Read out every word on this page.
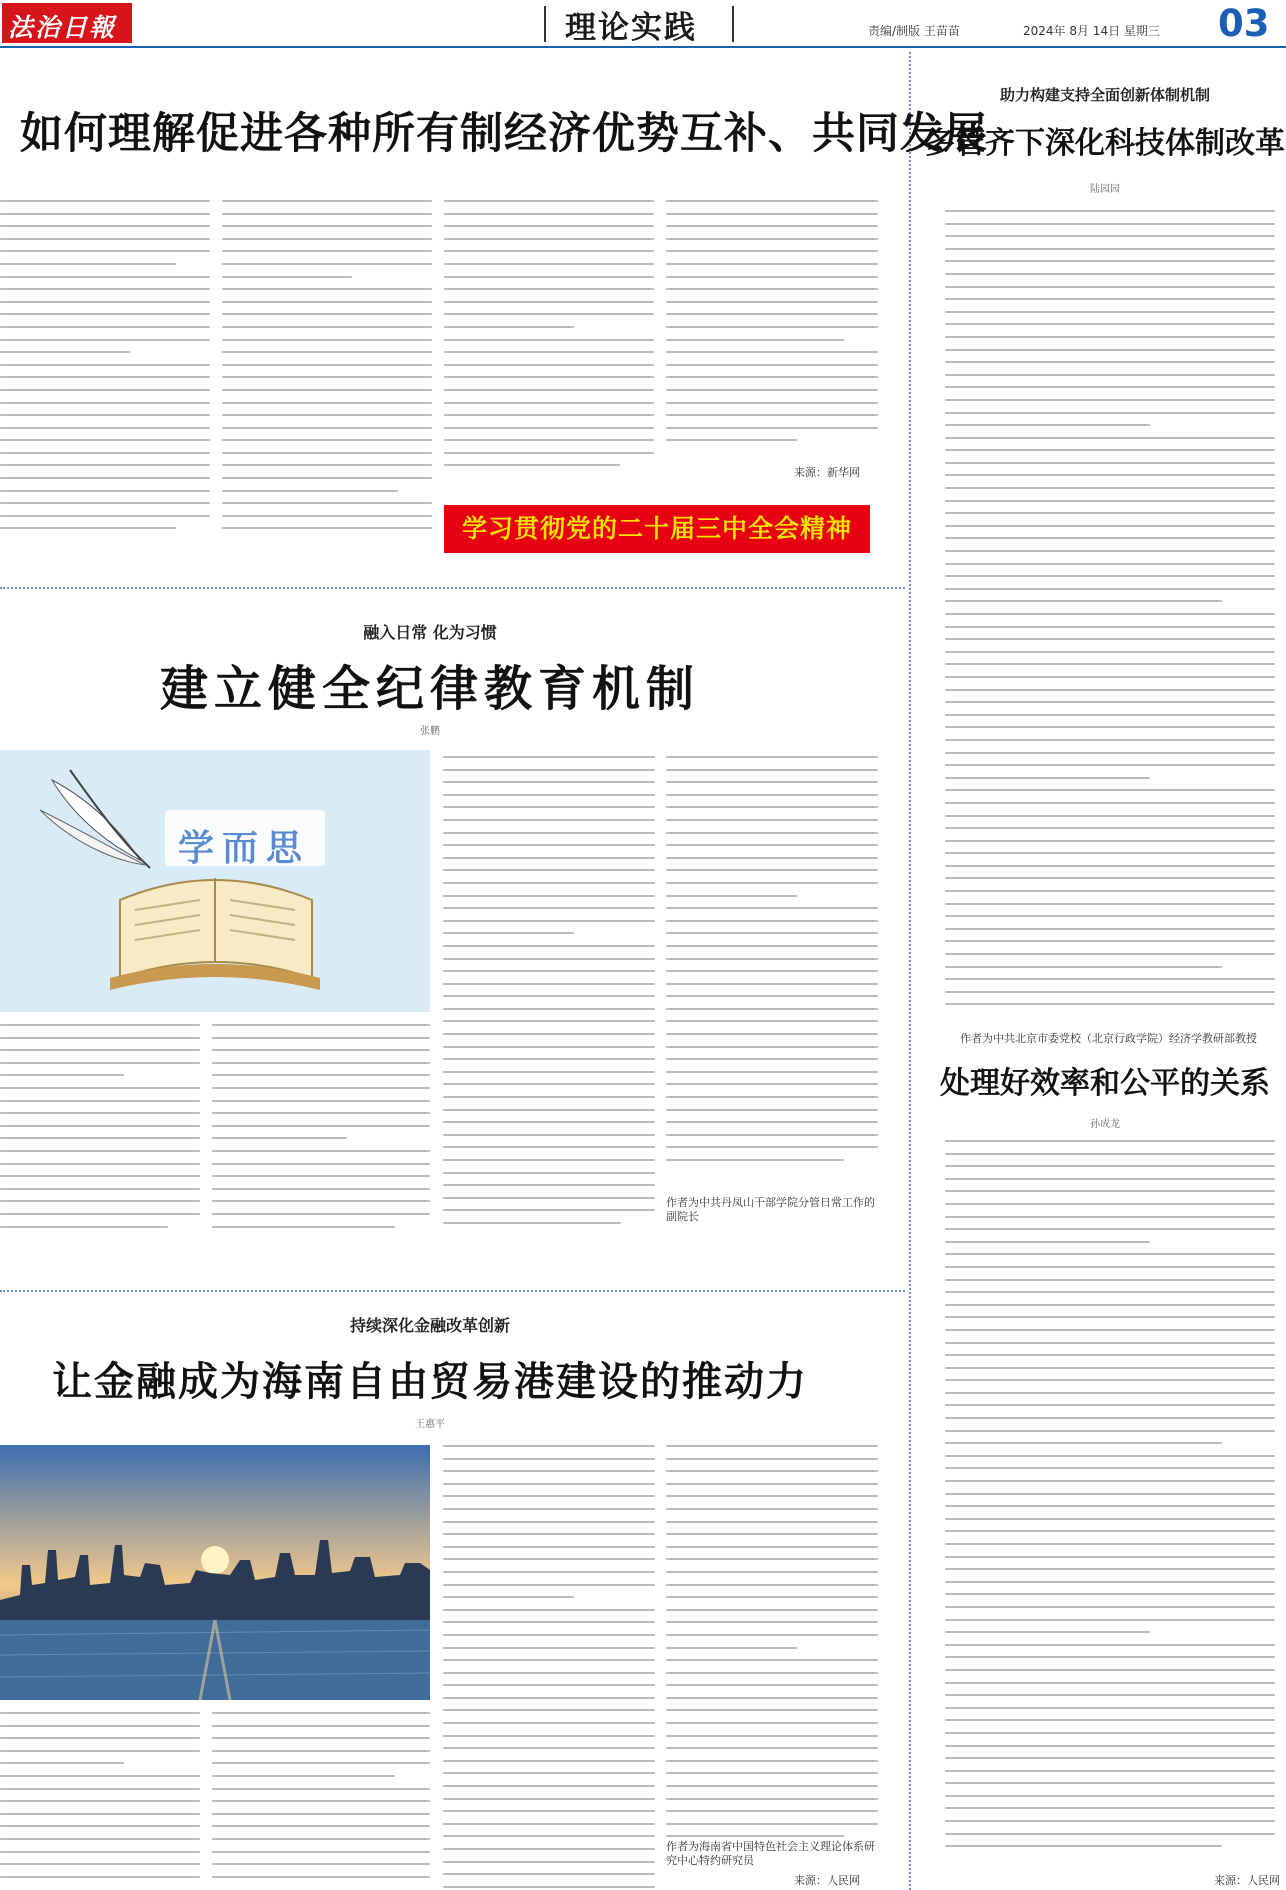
法治日報	理论实践	责编/制版 王苗苗	2024年 8月 14日 星期三 03
如何理解促进各种所有制经济优势互补、共同发展
来源：新华网
学习贯彻党的二十届三中全会精神
融入日常 化为习惯
建立健全纪律教育机制
张鹏
学而思
作者为中共丹凤山干部学院分管日常工作的副院长
持续深化金融改革创新
让金融成为海南自由贸易港建设的推动力
王惠平
作者为海南省中国特色社会主义理论体系研究中心特约研究员
来源：人民网
助力构建支持全面创新体制机制
多管齐下深化科技体制改革
陆园园
作者为中共北京市委党校（北京行政学院）经济学教研部教授
处理好效率和公平的关系
孙成龙
来源：人民网
